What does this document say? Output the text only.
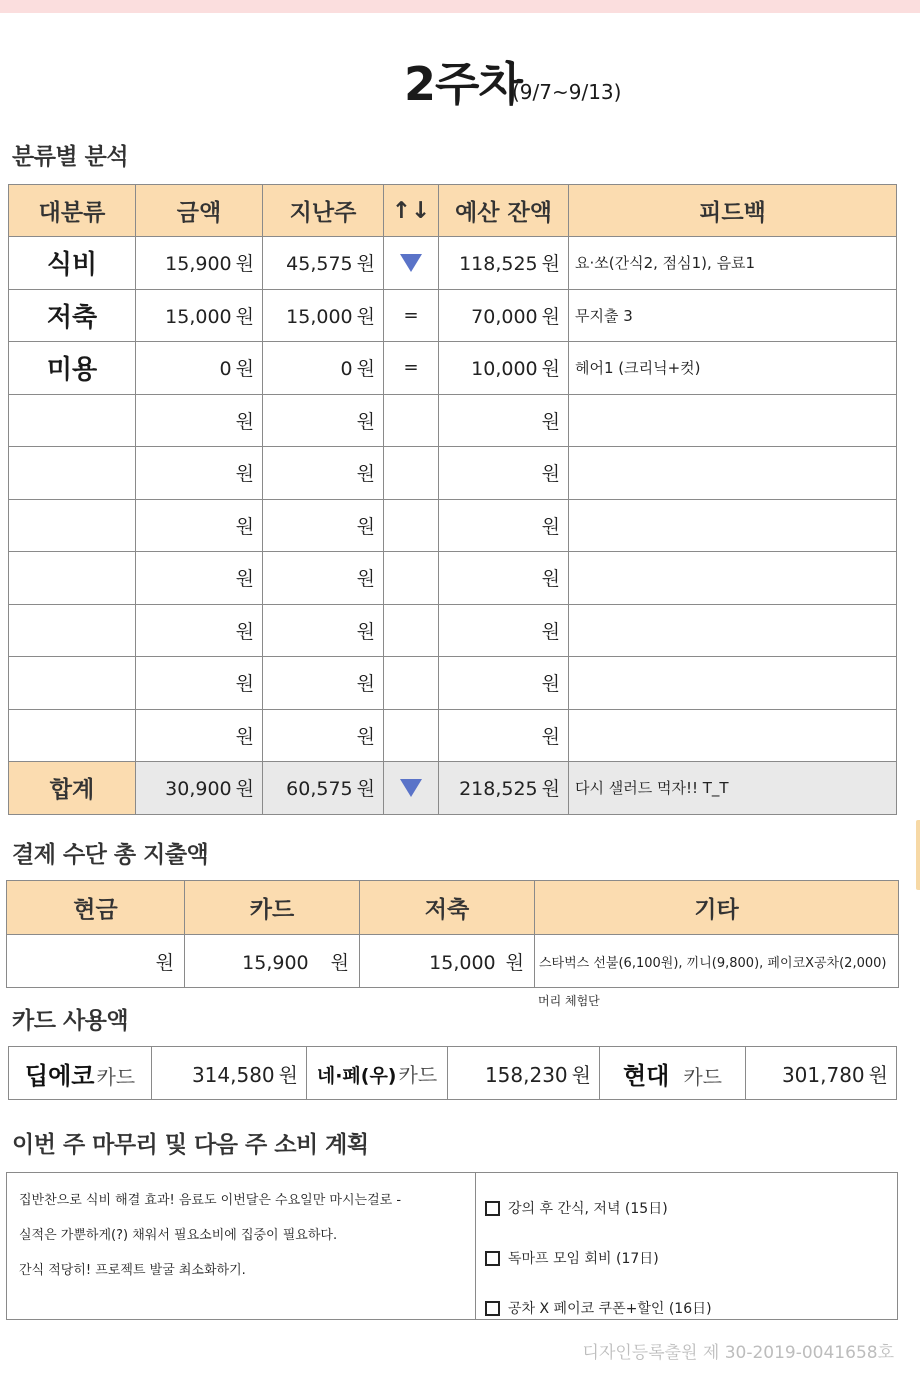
2주차
(9/7~9/13)
분류별 분석
대분류	금액	지난주	↑↓	예산 잔액	피드백
식비	15,900 원	45,575 원		118,525 원	요·쏘(간식2, 점심1), 음료1
저축	15,000 원	15,000 원	=	70,000 원	무지출 3
미용	0 원	0 원	=	10,000 원	헤어1 (크리닉+컷)
	원	원		원	
	원	원		원	
	원	원		원	
	원	원		원	
	원	원		원	
	원	원		원	
	원	원		원	
합계	30,900 원	60,575 원		218,525 원	다시 샐러드 먹자!! T_T
결제 수단 총 지출액
현금	카드	저축	기타
원	15,900 원	15,000 원	스타벅스 선불(6,100원), 끼니(9,800), 페이코X공차(2,000)
머리 체험단
카드 사용액
딥에코 카드	314,580 원	네·페(우) 카드	158,230 원	현대 카드	301,780 원
이번 주 마무리 및 다음 주 소비 계획
집반찬으로 식비 해결 효과! 음료도 이번달은 수요일만 마시는걸로 -
실적은 가뿐하게(?) 채워서 필요소비에 집중이 필요하다.
간식 적당히! 프로젝트 발굴 최소화하기.
강의 후 간식, 저녁 (15日)
독마프 모임 회비 (17日)
공차 X 페이코 쿠폰+할인 (16日)
디자인등록출원 제 30-2019-0041658호
